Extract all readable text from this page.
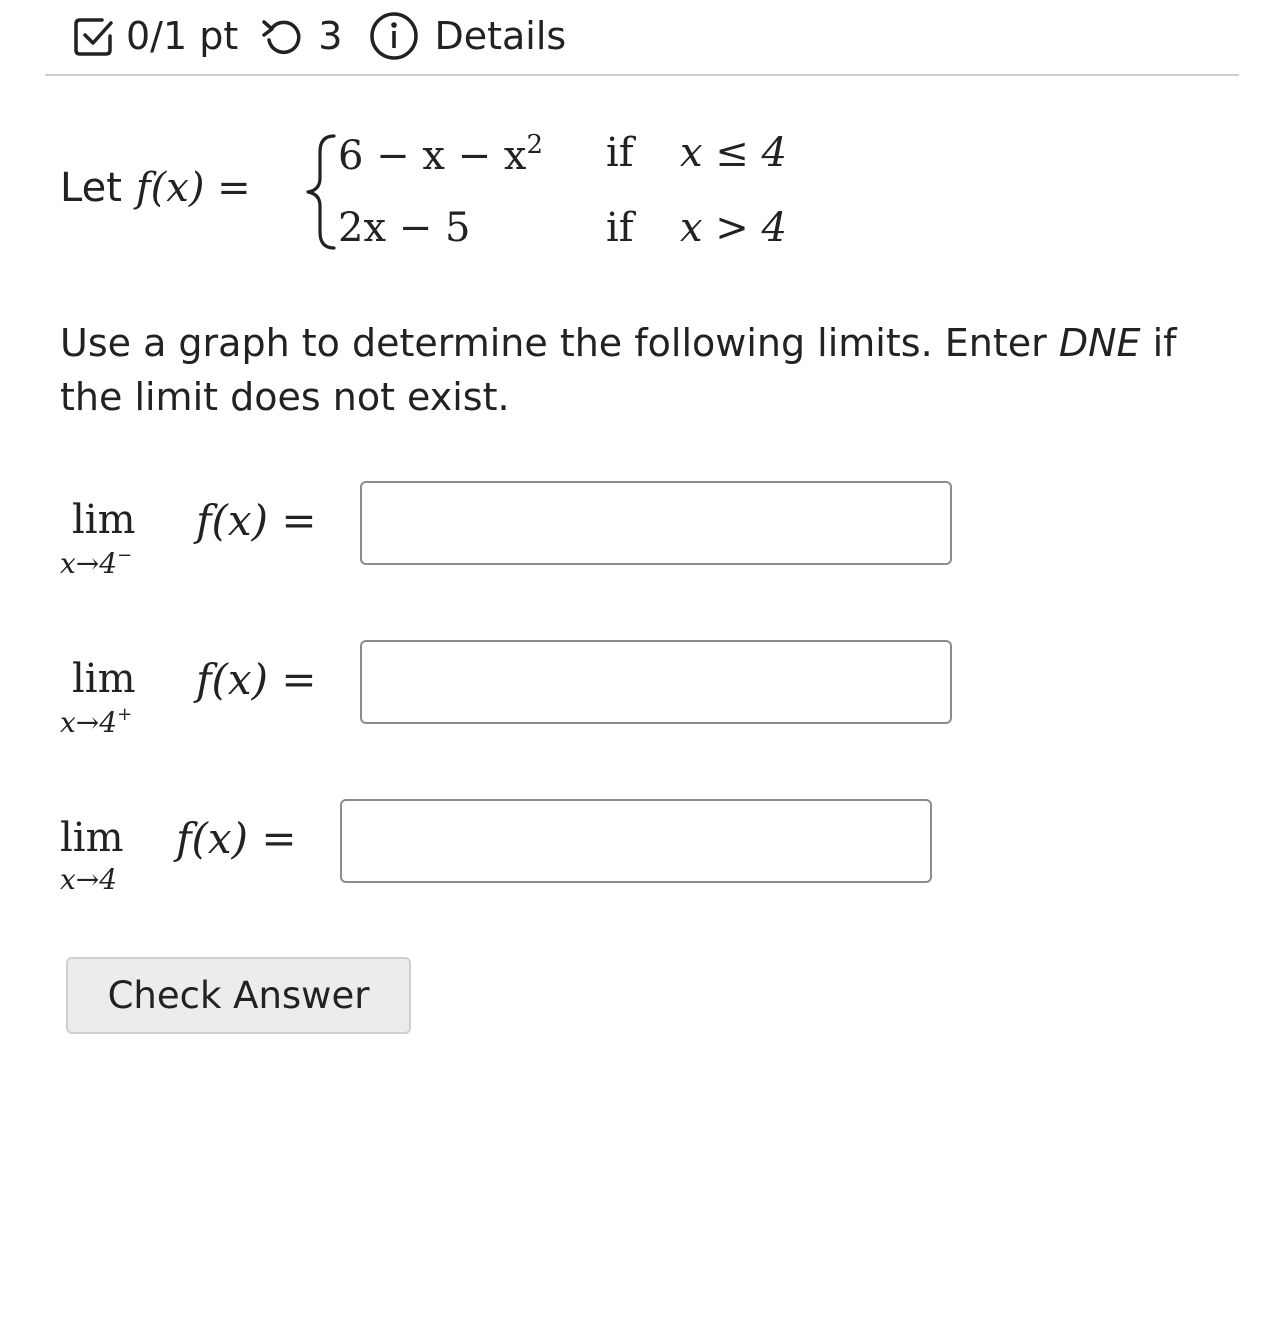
0/1 pt 3 Details
Let f(x) =
$6 - x - x^2$ if x ≤ 4
2x − 5	if x > 4
Use a graph to determine the following limits. Enter DNE if the limit does not exist.
lim
x→4−
f(x) =
lim
x→4+
f(x) =
lim
x→4
f(x) =
Check Answer
